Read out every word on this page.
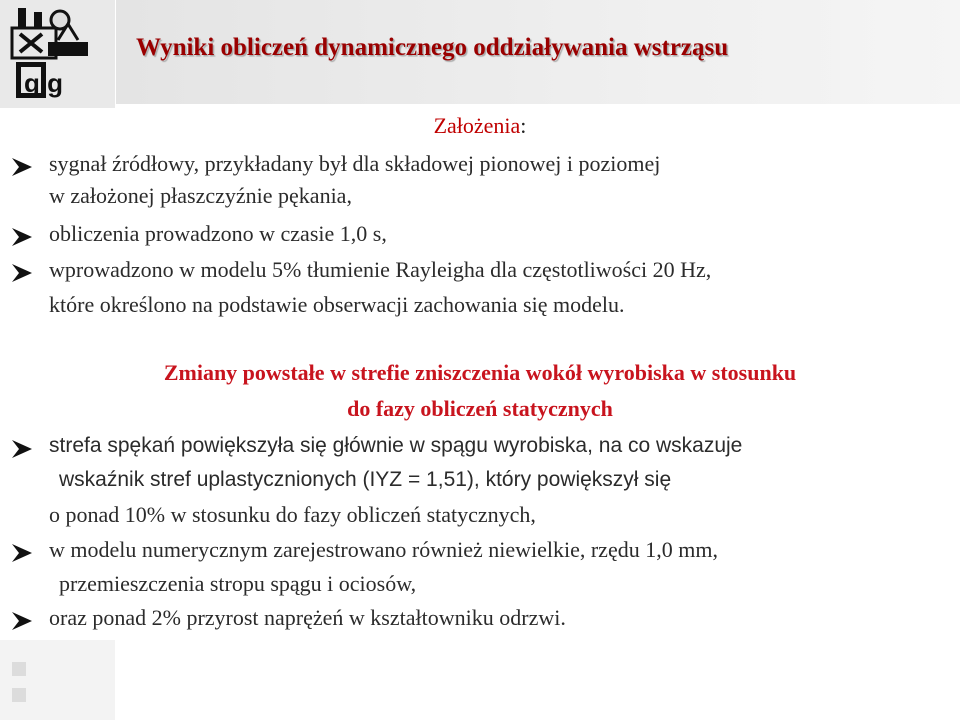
gig
Wyniki obliczeń dynamicznego oddziaływania wstrząsu
Założenia:
sygnał źródłowy, przykładany był dla składowej pionowej i poziomej
w założonej płaszczyźnie pękania,
obliczenia prowadzono w czasie 1,0 s,
wprowadzono w modelu 5% tłumienie Rayleigha dla częstotliwości 20 Hz,
które określono na podstawie obserwacji zachowania się modelu.
Zmiany powstałe w strefie zniszczenia wokół wyrobiska w stosunku
do fazy obliczeń statycznych
strefa spękań powiększyła się głównie w spągu wyrobiska, na co wskazuje
wskaźnik stref uplastycznionych (IYZ = 1,51), który powiększył się
o ponad 10% w stosunku do fazy obliczeń statycznych,
w modelu numerycznym zarejestrowano również niewielkie, rzędu 1,0 mm,
przemieszczenia stropu spągu i ociosów,
oraz ponad 2% przyrost naprężeń w kształtowniku odrzwi.
